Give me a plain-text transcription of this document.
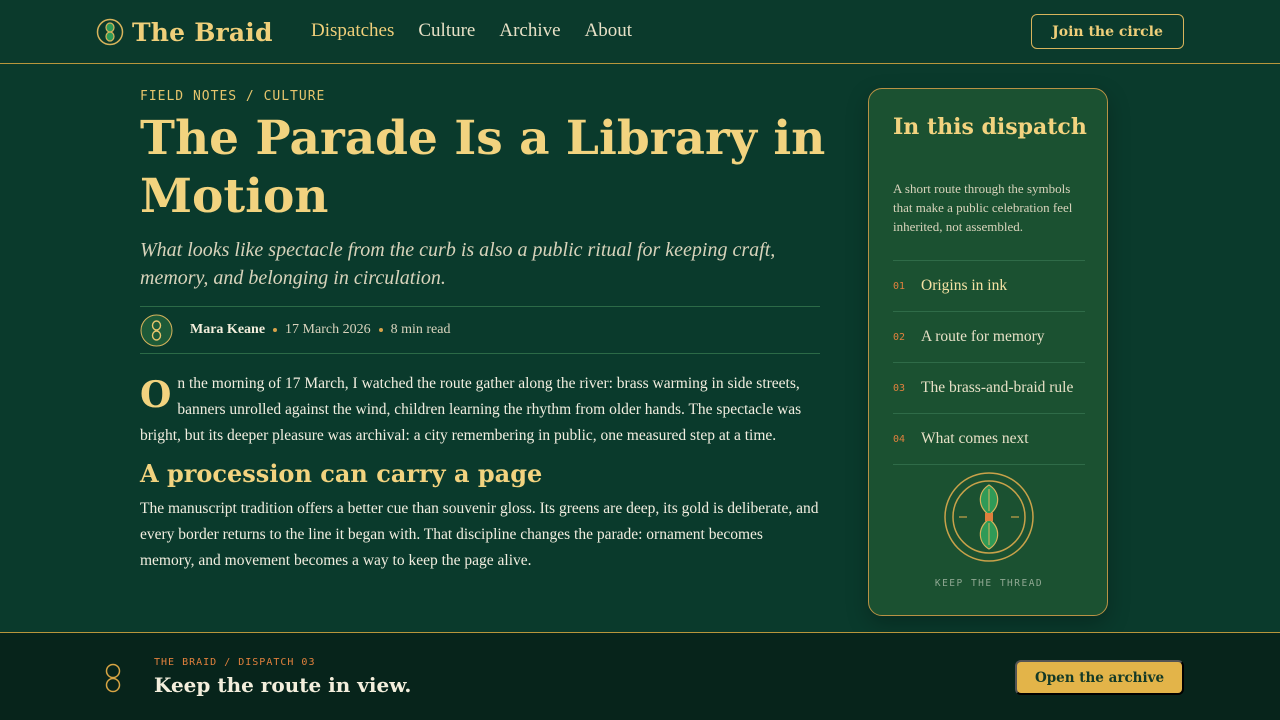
The Braid Dispatches Culture Archive About	Join the circle
FIELD NOTES / CULTURE
The Parade Is a Library in Motion

What looks like spectacle from the curb is also a public ritual for keeping craft, memory, and belonging in circulation.

Mara Keane 17 March 2026 8 min read

On the morning of 17 March, I watched the route gather along the river: brass warming in side streets, banners unrolled against the wind, children learning the rhythm from older hands. The spectacle was bright, but its deeper pleasure was archival: a city remembering in public, one measured step at a time.

A procession can carry a page

The manuscript tradition offers a better cue than souvenir gloss. Its greens are deep, its gold is deliberate, and every border returns to the line it began with. That discipline changes the parade: ornament becomes memory, and movement becomes a way to keep the page alive.

In this dispatch

A short route through the symbols that make a public celebration feel inherited, not assembled.

01	Origins in ink
02	A route for memory
03	The brass-and-braid rule
04	What comes next
KEEP THE THREAD
THE BRAID / DISPATCH 03
Keep the route in view.	Open the archive
